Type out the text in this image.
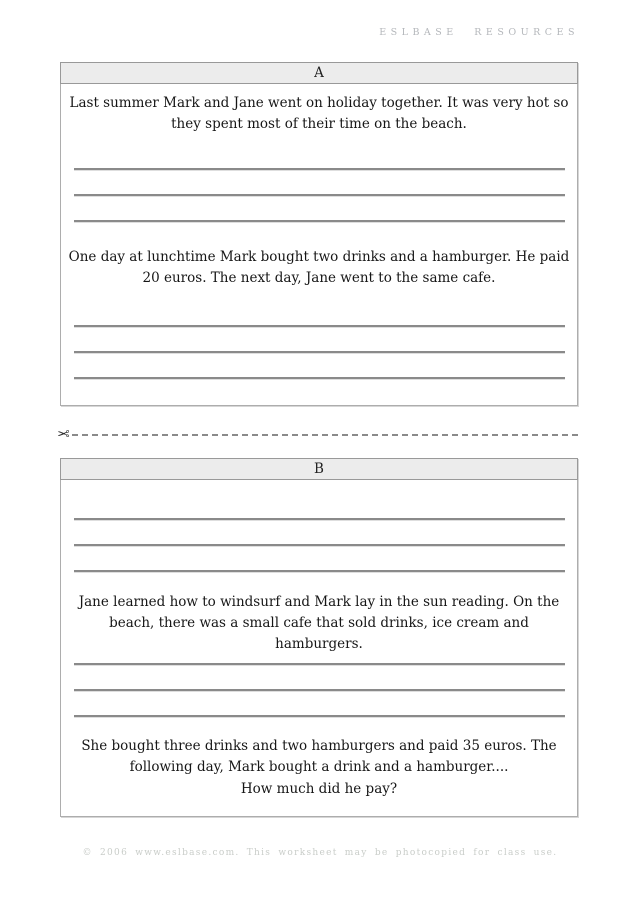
ESLBASE RESOURCES
A

Last summer Mark and Jane went on holiday together. It was very hot so they spent most of their time on the beach.

One day at lunchtime Mark bought two drinks and a hamburger. He paid 20 euros. The next day, Jane went to the same cafe.

✂
B

Jane learned how to windsurf and Mark lay in the sun reading. On the beach, there was a small cafe that sold drinks, ice cream and hamburgers.

She bought three drinks and two hamburgers and paid 35 euros. The following day, Mark bought a drink and a hamburger....

How much did he pay?
© 2006 www.eslbase.com. This worksheet may be photocopied for class use.
